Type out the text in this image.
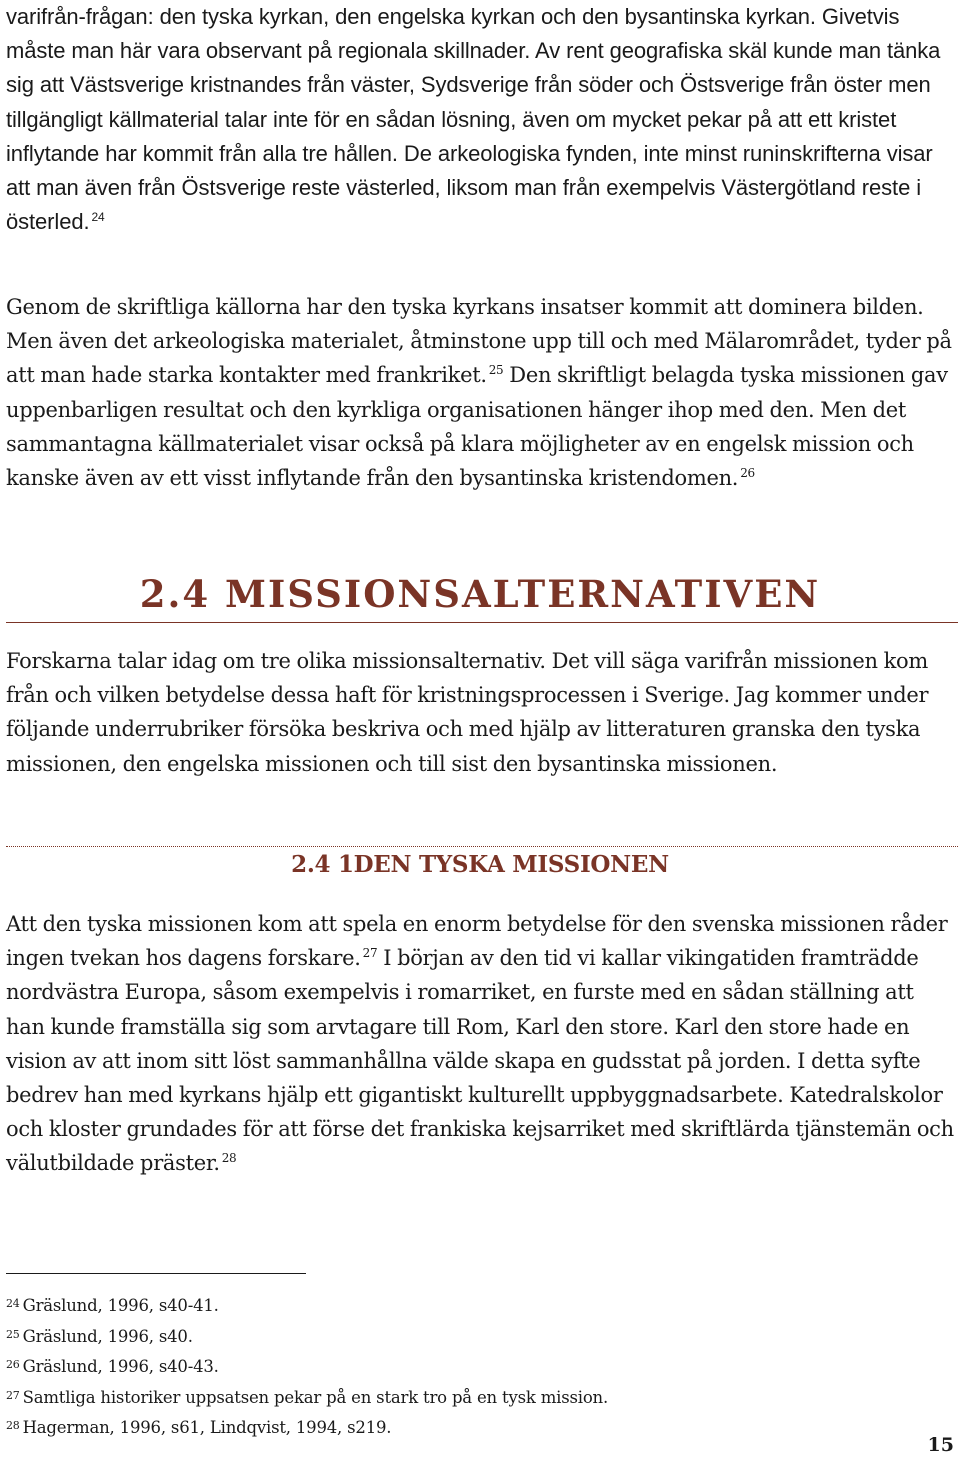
varifrån-frågan: den tyska kyrkan, den engelska kyrkan och den bysantinska kyrkan. Givetvis måste man här vara observant på regionala skillnader. Av rent geografiska skäl kunde man tänka sig att Västsverige kristnandes från väster, Sydsverige från söder och Östsverige från öster men tillgängligt källmaterial talar inte för en sådan lösning, även om mycket pekar på att ett kristet inflytande har kommit från alla tre hållen. De arkeologiska fynden, inte minst runinskrifterna visar att man även från Östsverige reste västerled, liksom man från exempelvis Västergötland reste i österled. $^{24}$

Genom de skriftliga källorna har den tyska kyrkans insatser kommit att dominera bilden. Men även det arkeologiska materialet, åtminstone upp till och med Mälarområdet, tyder på att man hade starka kontakter med frankriket. $^{25}$ Den skriftligt belagda tyska missionen gav uppenbarligen resultat och den kyrkliga organisationen hänger ihop med den. Men det sammantagna källmaterialet visar också på klara möjligheter av en engelsk mission och kanske även av ett visst inflytande från den bysantinska kristendomen. $^{26}$

2.4 MISSIONSALTERNATIVEN

Forskarna talar idag om tre olika missionsalternativ. Det vill säga varifrån missionen kom från och vilken betydelse dessa haft för kristningsprocessen i Sverige. Jag kommer under följande underrubriker försöka beskriva och med hjälp av litteraturen granska den tyska missionen, den engelska missionen och till sist den bysantinska missionen.

2.4 1DEN TYSKA MISSIONEN

Att den tyska missionen kom att spela en enorm betydelse för den svenska missionen råder ingen tvekan hos dagens forskare. $^{27}$ I början av den tid vi kallar vikingatiden framträdde nordvästra Europa, såsom exempelvis i romarriket, en furste med en sådan ställning att han kunde framställa sig som arvtagare till Rom, Karl den store. Karl den store hade en vision av att inom sitt löst sammanhållna välde skapa en gudsstat på jorden. I detta syfte bedrev han med kyrkans hjälp ett gigantiskt kulturellt uppbyggnadsarbete. Katedralskolor och kloster grundades för att förse det frankiska kejsarriket med skriftlärda tjänstemän och välutbildade präster. $^{28}$

$^{24}$ Gräslund, 1996, s40-41.
$^{25}$ Gräslund, 1996, s40.
$^{26}$ Gräslund, 1996, s40-43.
$^{27}$ Samtliga historiker uppsatsen pekar på en stark tro på en tysk mission.
$^{28}$ Hagerman, 1996, s61, Lindqvist, 1994, s219.
15
